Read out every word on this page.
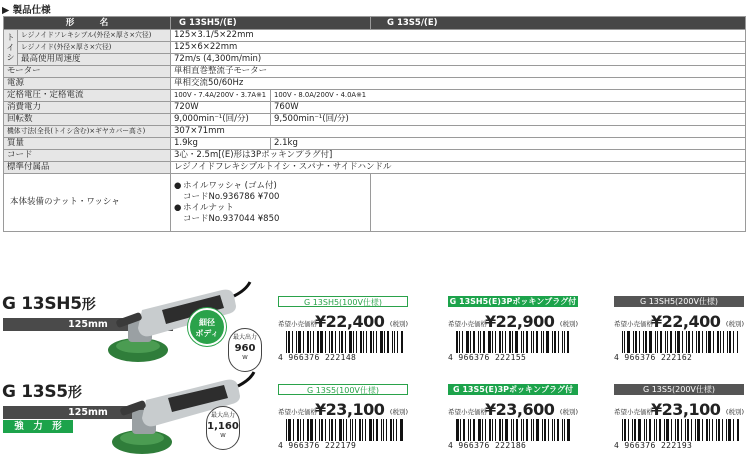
▶ 製品仕様
形　　　名		G 13SH5/(E)		G 13S5/(E)
トイシ	レジノイドフレキシブル(外径×厚さ×穴径)	125×3.1/5×22mm		
	レジノイド(外径×厚さ×穴径)	125×6×22mm		
	最高使用周速度	72m/s (4,300m/min)		
モーター		単相直巻整流子モーター		
電源		単相交流50/60Hz		
定格電圧・定格電流		100V・7.4A/200V・3.7A※1	100V・8.0A/200V・4.0A※1	
消費電力		720W	760W	
回転数		9,000min⁻¹(回/分)	9,500min⁻¹(回/分)	
機体寸法(全長(トイシ含む)×ギヤカバー高さ)		307×71mm		
質量		1.9kg	2.1kg	
コード		3心・2.5m[(E)形は3Pポッキンプラグ付]		
標準付属品		レジノイドフレキシブルトイシ・スパナ・サイドハンドル		
本体装備のナット・ワッシャ		● ホイルワッシャ (ゴム付)
コードNo.936786 ¥700
● ホイルナット
コードNo.937044 ¥850		

G 13SH5形
125mm	細径
ボディ	最大出力
960
W
G 13SH5(100V仕様)
希望小売価格
¥22,400 (税別)
4 966376 222148
G 13SH5(E)3Pポッキンプラグ付
希望小売価格
¥22,900 (税別)
4 966376 222155
G 13SH5(200V仕様)
希望小売価格
¥22,400 (税別)
4 966376 222162
G 13S5形
125mm
強　力　形
最大出力
1,160
W
G 13S5(100V仕様)
希望小売価格
¥23,100 (税別)
4 966376 222179
G 13S5(E)3Pポッキンプラグ付
希望小売価格
¥23,600 (税別)
4 966376 222186
G 13S5(200V仕様)
希望小売価格
¥23,100 (税別)
4 966376 222193
